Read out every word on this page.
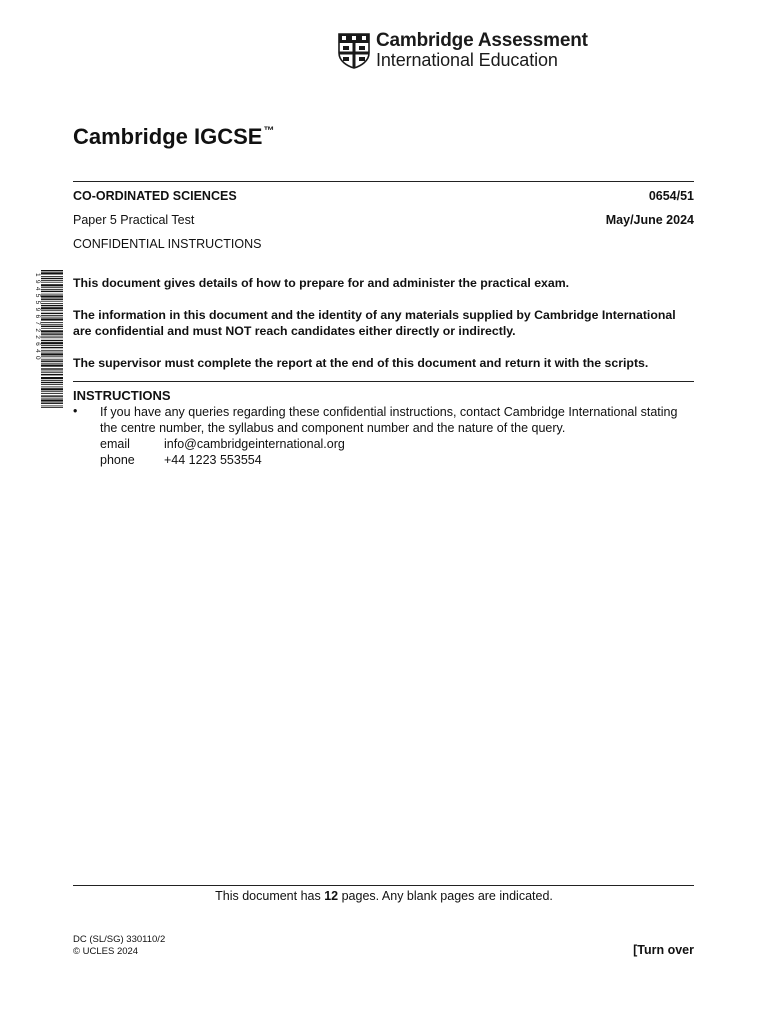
Cambridge Assessment
International Education
Cambridge IGCSE™
CO-ORDINATED SCIENCES	0654/51
Paper 5 Practical Test	May/June 2024
CONFIDENTIAL INSTRUCTIONS
1945596722640	This document gives details of how to prepare for and administer the practical exam.
The information in this document and the identity of any materials supplied by Cambridge International are confidential and must NOT reach candidates either directly or indirectly.
The supervisor must complete the report at the end of this document and return it with the scripts.
INSTRUCTIONS
• If you have any queries regarding these confidential instructions, contact Cambridge International stating the centre number, the syllabus and component number and the nature of the query.
email	info@cambridgeinternational.org
phone +44 1223 553554
This document has 12 pages. Any blank pages are indicated.
DC (SL/SG) 330110/2
© UCLES 2024	[Turn over
